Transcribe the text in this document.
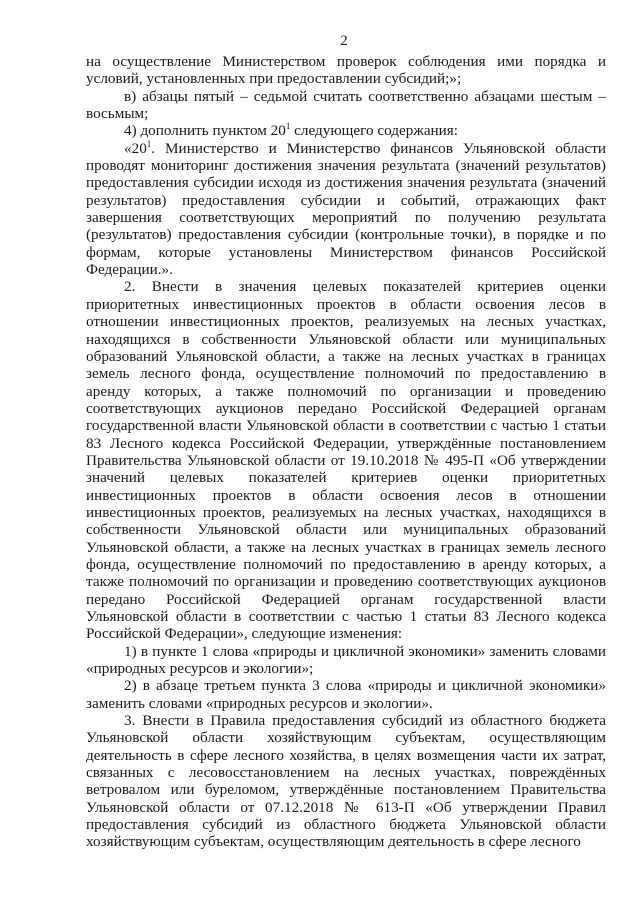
2

на осуществление Министерством проверок соблюдения ими порядка и условий, установленных при предоставлении субсидий;»;

в) абзацы пятый – седьмой считать соответственно абзацами шестым – восьмым;

4) дополнить пунктом $20^1$ следующего содержания:

«$20^1$. Министерство и Министерство финансов Ульяновской области проводят мониторинг достижения значения результата (значений результатов) предоставления субсидии исходя из достижения значения результата (значений результатов) предоставления субсидии и событий, отражающих факт завершения соответствующих мероприятий по получению результата (результатов) предоставления субсидии (контрольные точки), в порядке и по формам, которые установлены Министерством финансов Российской Федерации.».

2. Внести в значения целевых показателей критериев оценки приоритетных инвестиционных проектов в области освоения лесов в отношении инвестиционных проектов, реализуемых на лесных участках, находящихся в собственности Ульяновской области или муниципальных образований Ульяновской области, а также на лесных участках в границах земель лесного фонда, осуществление полномочий по предоставлению в аренду которых, а также полномочий по организации и проведению соответствующих аукционов передано Российской Федерацией органам государственной власти Ульяновской области в соответствии с частью 1 статьи 83 Лесного кодекса Российской Федерации, утверждённые постановлением Правительства Ульяновской области от 19.10.2018 № 495-П «Об утверждении значений целевых показателей критериев оценки приоритетных инвестиционных проектов в области освоения лесов в отношении инвестиционных проектов, реализуемых на лесных участках, находящихся в собственности Ульяновской области или муниципальных образований Ульяновской области, а также на лесных участках в границах земель лесного фонда, осуществление полномочий по предоставлению в аренду которых, а также полномочий по организации и проведению соответствующих аукционов передано Российской Федерацией органам государственной власти Ульяновской области в соответствии с частью 1 статьи 83 Лесного кодекса Российской Федерации», следующие изменения:

1) в пункте 1 слова «природы и цикличной экономики» заменить словами «природных ресурсов и экологии»;

2) в абзаце третьем пункта 3 слова «природы и цикличной экономики» заменить словами «природных ресурсов и экологии».

3. Внести в Правила предоставления субсидий из областного бюджета Ульяновской области хозяйствующим субъектам, осуществляющим деятельность в сфере лесного хозяйства, в целях возмещения части их затрат, связанных с лесовосстановлением на лесных участках, повреждённых ветровалом или буреломом, утверждённые постановлением Правительства Ульяновской области от 07.12.2018 № 613-П «Об утверждении Правил предоставления субсидий из областного бюджета Ульяновской области хозяйствующим субъектам, осуществляющим деятельность в сфере лесного
